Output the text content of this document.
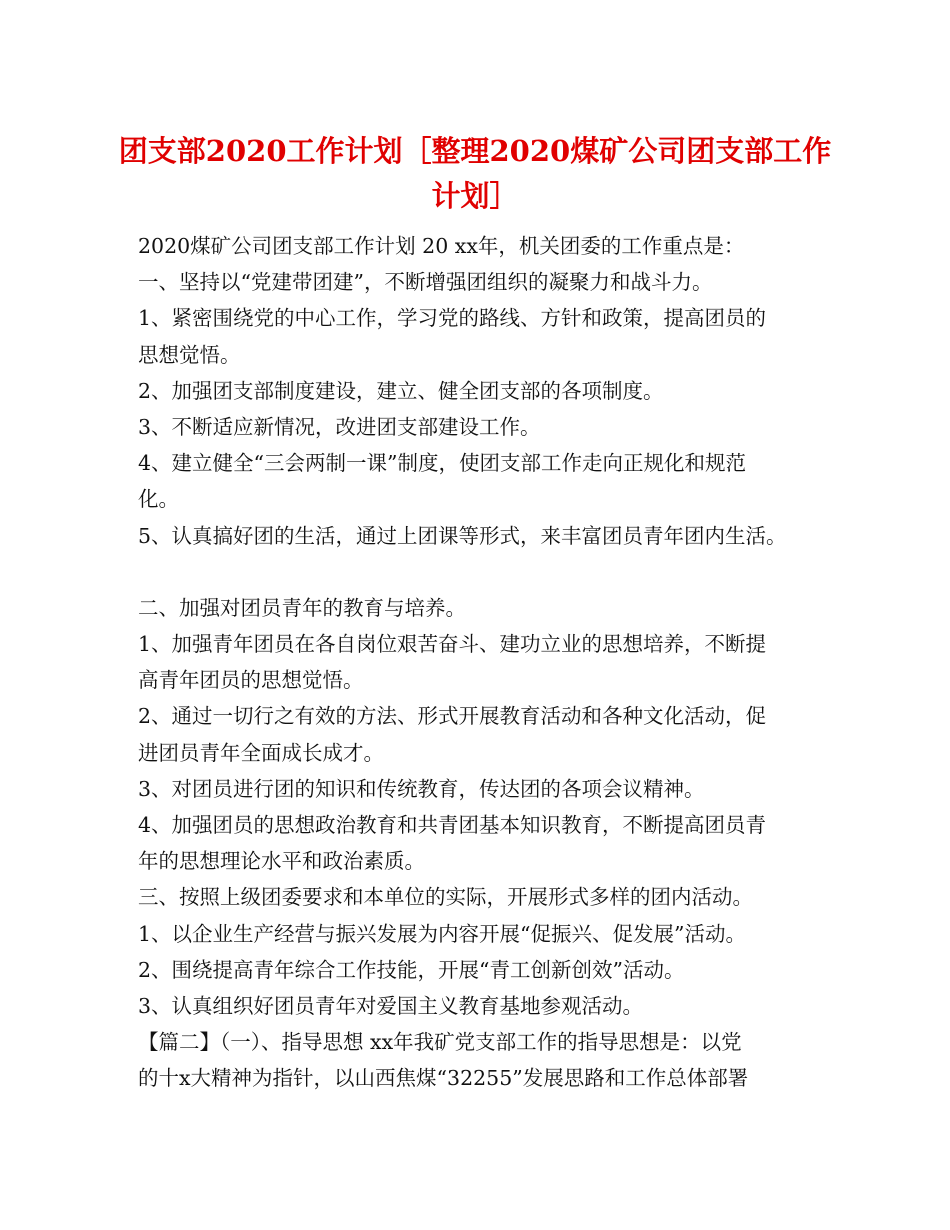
团支部2020工作计划［整理2020煤矿公司团支部工作
计划］
2020煤矿公司团支部工作计划 20 xx年，机关团委的工作重点是：
一、坚持以“党建带团建”，不断增强团组织的凝聚力和战斗力。
1、紧密围绕党的中心工作，学习党的路线、方针和政策，提高团员的
思想觉悟。
2、加强团支部制度建设，建立、健全团支部的各项制度。
3、不断适应新情况，改进团支部建设工作。
4、建立健全“三会两制一课”制度，使团支部工作走向正规化和规范
化。
5、认真搞好团的生活，通过上团课等形式，来丰富团员青年团内生活。
二、加强对团员青年的教育与培养。
1、加强青年团员在各自岗位艰苦奋斗、建功立业的思想培养，不断提
高青年团员的思想觉悟。
2、通过一切行之有效的方法、形式开展教育活动和各种文化活动，促
进团员青年全面成长成才。
3、对团员进行团的知识和传统教育，传达团的各项会议精神。
4、加强团员的思想政治教育和共青团基本知识教育，不断提高团员青
年的思想理论水平和政治素质。
三、按照上级团委要求和本单位的实际，开展形式多样的团内活动。
1、以企业生产经营与振兴发展为内容开展“促振兴、促发展”活动。
2、围绕提高青年综合工作技能，开展“青工创新创效”活动。
3、认真组织好团员青年对爱国主义教育基地参观活动。
【篇二】（一）、指导思想 xx年我矿党支部工作的指导思想是：以党
的十x大精神为指针，以山西焦煤“32255”发展思路和工作总体部署
